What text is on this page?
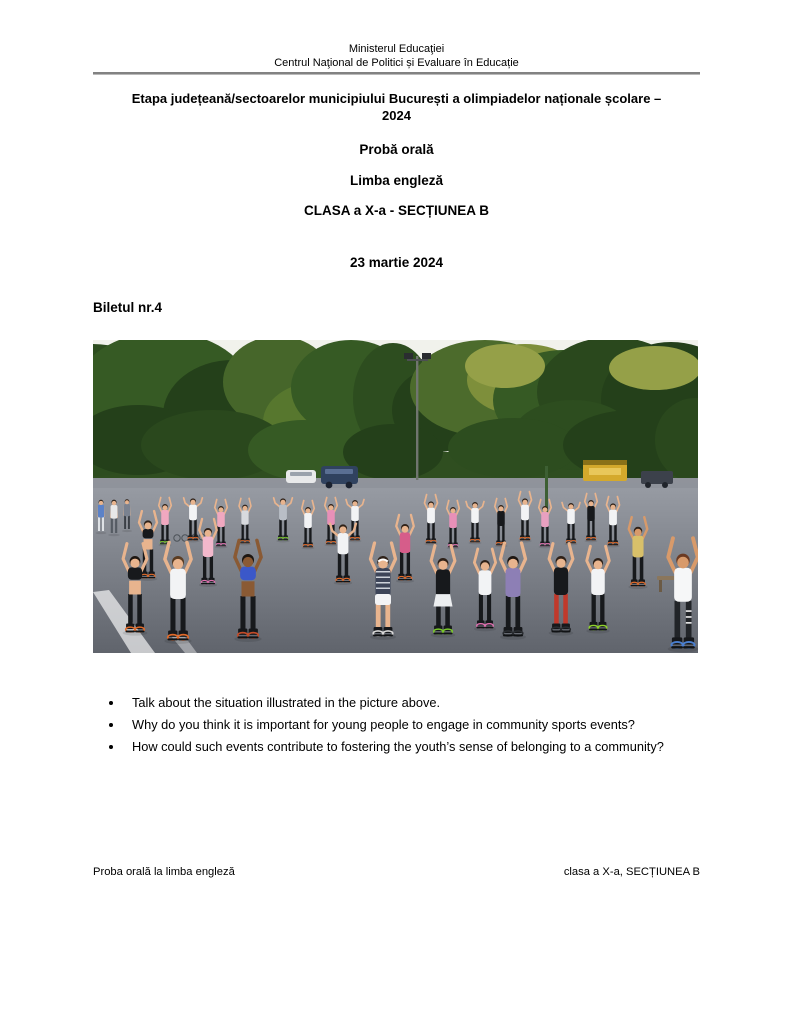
Ministerul Educaţiei
Centrul Naţional de Politici și Evaluare în Educație
Etapa județeană/sectoarelor municipiului București a olimpiadelor naționale școlare –
2024
Probă orală
Limba engleză
CLASA a X-a - SECȚIUNEA B
23 martie 2024
Biletul nr.4
• Talk about the situation illustrated in the picture above.
• Why do you think it is important for young people to engage in community sports events?
• How could such events contribute to fostering the youth’s sense of belonging to a community?
Proba orală la limba engleză	clasa a X-a, SECȚIUNEA B
